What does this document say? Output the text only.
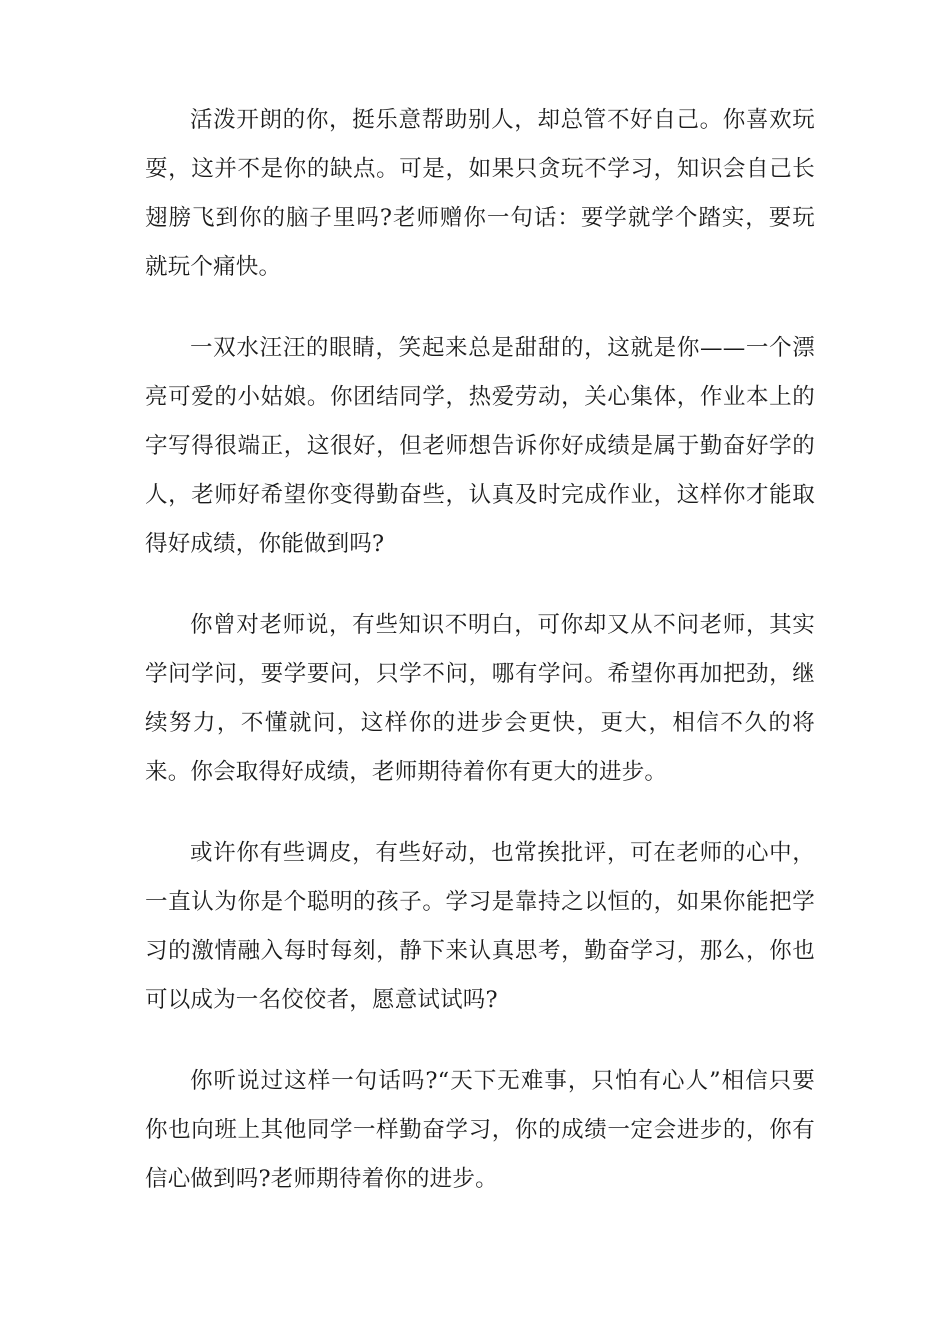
活泼开朗的你，挺乐意帮助别人，却总管不好自己。你喜欢玩耍，这并不是你的缺点。可是，如果只贪玩不学习，知识会自己长翅膀飞到你的脑子里吗?老师赠你一句话：要学就学个踏实，要玩就玩个痛快。

一双水汪汪的眼睛，笑起来总是甜甜的，这就是你——一个漂亮可爱的小姑娘。你团结同学，热爱劳动，关心集体，作业本上的字写得很端正，这很好，但老师想告诉你好成绩是属于勤奋好学的人，老师好希望你变得勤奋些，认真及时完成作业，这样你才能取得好成绩，你能做到吗?

你曾对老师说，有些知识不明白，可你却又从不问老师，其实学问学问，要学要问，只学不问，哪有学问。希望你再加把劲，继续努力，不懂就问，这样你的进步会更快，更大，相信不久的将来。你会取得好成绩，老师期待着你有更大的进步。

或许你有些调皮，有些好动，也常挨批评，可在老师的心中，一直认为你是个聪明的孩子。学习是靠持之以恒的，如果你能把学习的激情融入每时每刻，静下来认真思考，勤奋学习，那么，你也可以成为一名佼佼者，愿意试试吗?

你听说过这样一句话吗?“天下无难事，只怕有心人”相信只要你也向班上其他同学一样勤奋学习，你的成绩一定会进步的，你有信心做到吗?老师期待着你的进步。
